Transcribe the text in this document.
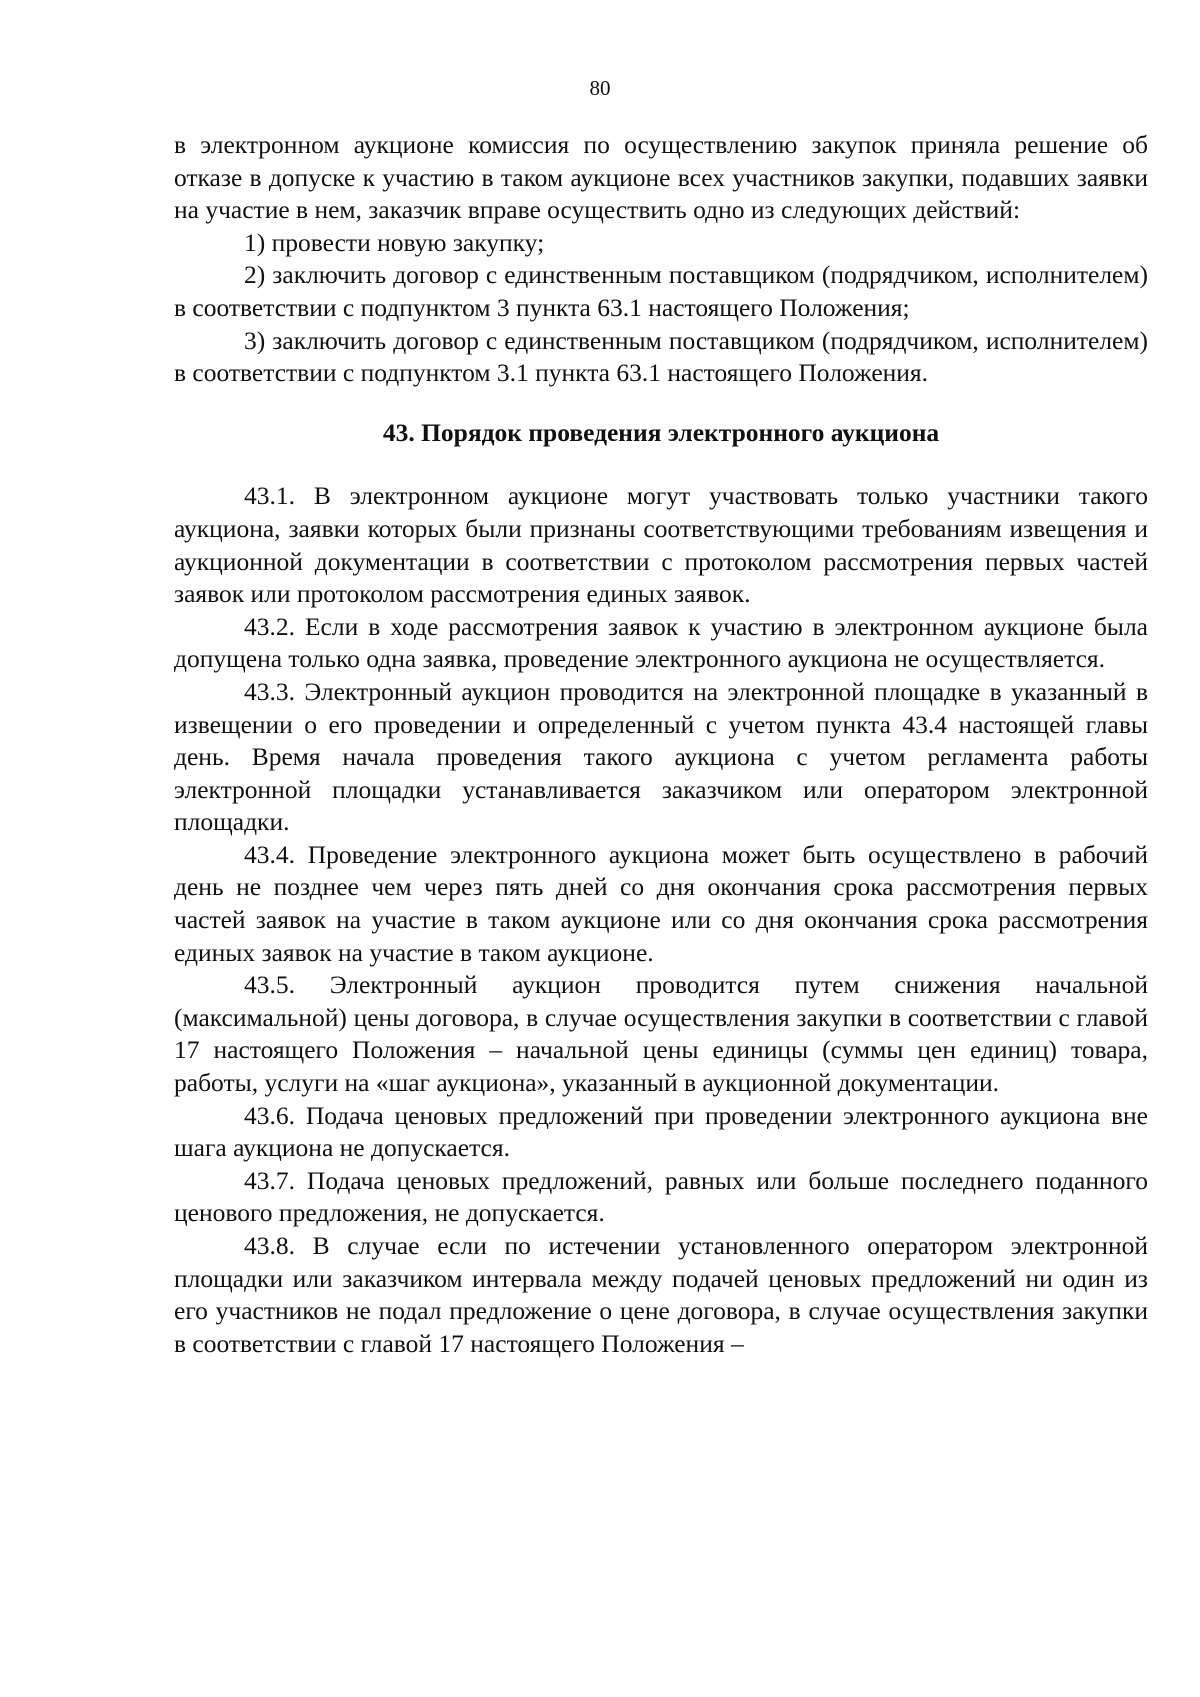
80

в электронном аукционе комиссия по осуществлению закупок приняла решение об отказе в допуске к участию в таком аукционе всех участников закупки, подавших заявки на участие в нем, заказчик вправе осуществить одно из следующих действий:

1) провести новую закупку;

2) заключить договор с единственным поставщиком (подрядчиком, исполнителем) в соответствии с подпунктом 3 пункта 63.1 настоящего Положения;

3) заключить договор с единственным поставщиком (подрядчиком, исполнителем) в соответствии с подпунктом 3.1 пункта 63.1 настоящего Положения.

43. Порядок проведения электронного аукциона

43.1. В электронном аукционе могут участвовать только участники такого аукциона, заявки которых были признаны соответствующими требованиям извещения и аукционной документации в соответствии с протоколом рассмотрения первых частей заявок или протоколом рассмотрения единых заявок.

43.2. Если в ходе рассмотрения заявок к участию в электронном аукционе была допущена только одна заявка, проведение электронного аукциона не осуществляется.

43.3. Электронный аукцион проводится на электронной площадке в указанный в извещении о его проведении и определенный с учетом пункта 43.4 настоящей главы день. Время начала проведения такого аукциона с учетом регламента работы электронной площадки устанавливается заказчиком или оператором электронной площадки.

43.4. Проведение электронного аукциона может быть осуществлено в рабочий день не позднее чем через пять дней со дня окончания срока рассмотрения первых частей заявок на участие в таком аукционе или со дня окончания срока рассмотрения единых заявок на участие в таком аукционе.

43.5. Электронный аукцион проводится путем снижения начальной (максимальной) цены договора, в случае осуществления закупки в соответствии с главой 17 настоящего Положения – начальной цены единицы (суммы цен единиц) товара, работы, услуги на «шаг аукциона», указанный в аукционной документации.

43.6. Подача ценовых предложений при проведении электронного аукциона вне шага аукциона не допускается.

43.7. Подача ценовых предложений, равных или больше последнего поданного ценового предложения, не допускается.

43.8. В случае если по истечении установленного оператором электронной площадки или заказчиком интервала между подачей ценовых предложений ни один из его участников не подал предложение о цене договора, в случае осуществления закупки в соответствии с главой 17 настоящего Положения –
